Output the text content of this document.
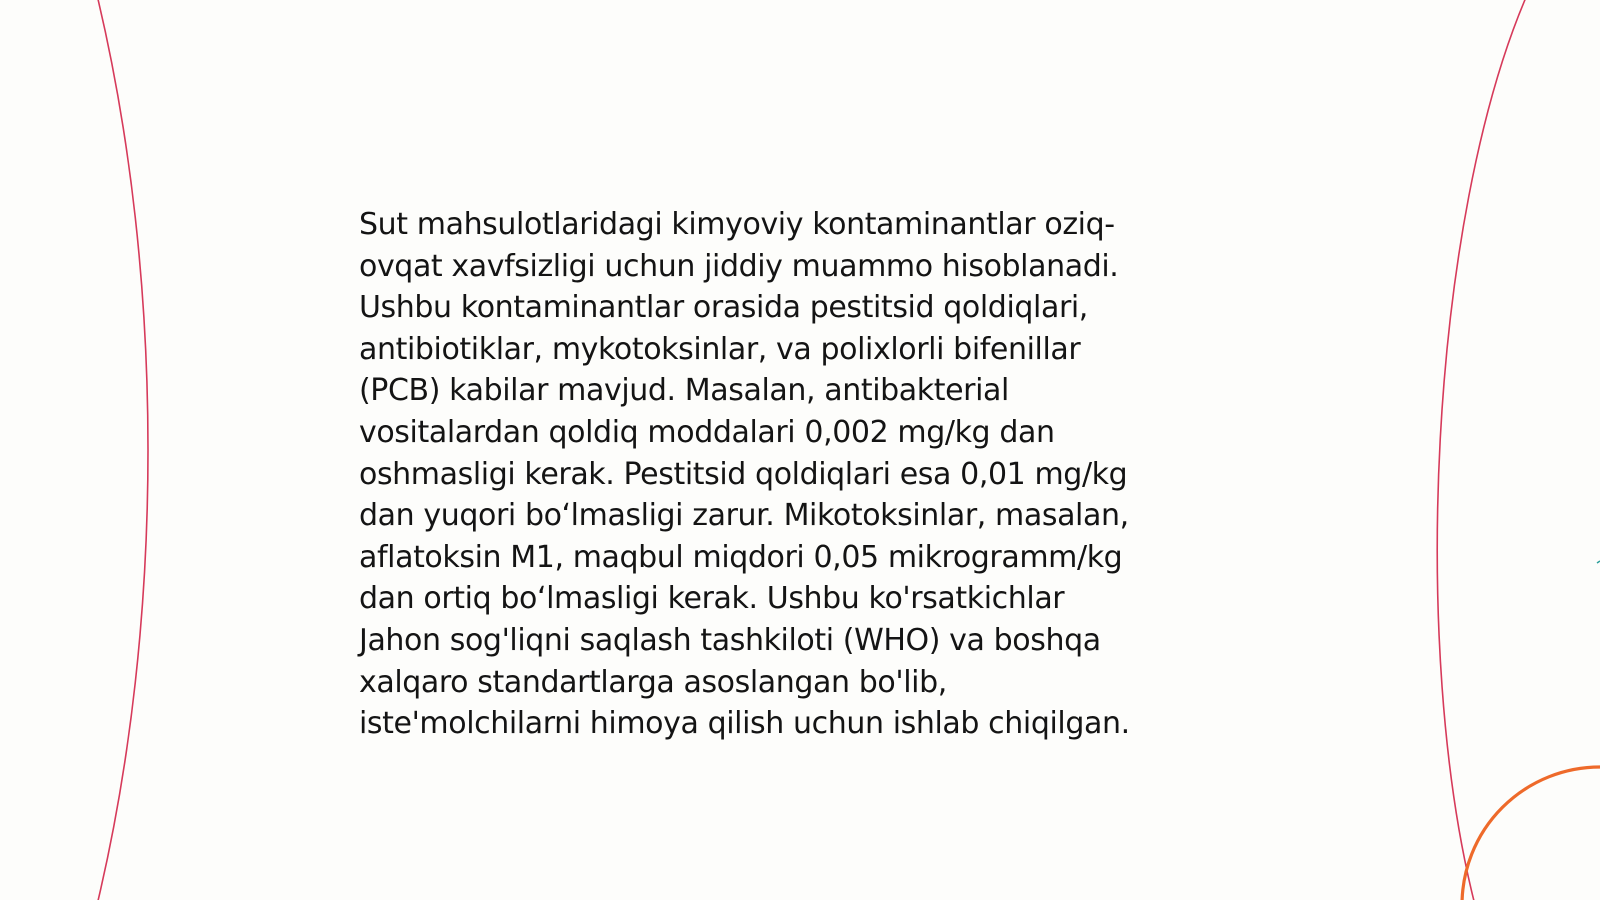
Sut mahsulotlaridagi kimyoviy kontaminantlar oziq-
ovqat xavfsizligi uchun jiddiy muammo hisoblanadi.
Ushbu kontaminantlar orasida pestitsid qoldiqlari,
antibiotiklar, mykotoksinlar, va polixlorli bifenillar
(PCB) kabilar mavjud. Masalan, antibakterial
vositalardan qoldiq moddalari 0,002 mg/kg dan
oshmasligi kerak. Pestitsid qoldiqlari esa 0,01 mg/kg
dan yuqori bo‘lmasligi zarur. Mikotoksinlar, masalan,
aflatoksin M1, maqbul miqdori 0,05 mikrogramm/kg
dan ortiq bo‘lmasligi kerak. Ushbu ko'rsatkichlar
Jahon sog'liqni saqlash tashkiloti (WHO) va boshqa
xalqaro standartlarga asoslangan bo'lib,
iste'molchilarni himoya qilish uchun ishlab chiqilgan.
